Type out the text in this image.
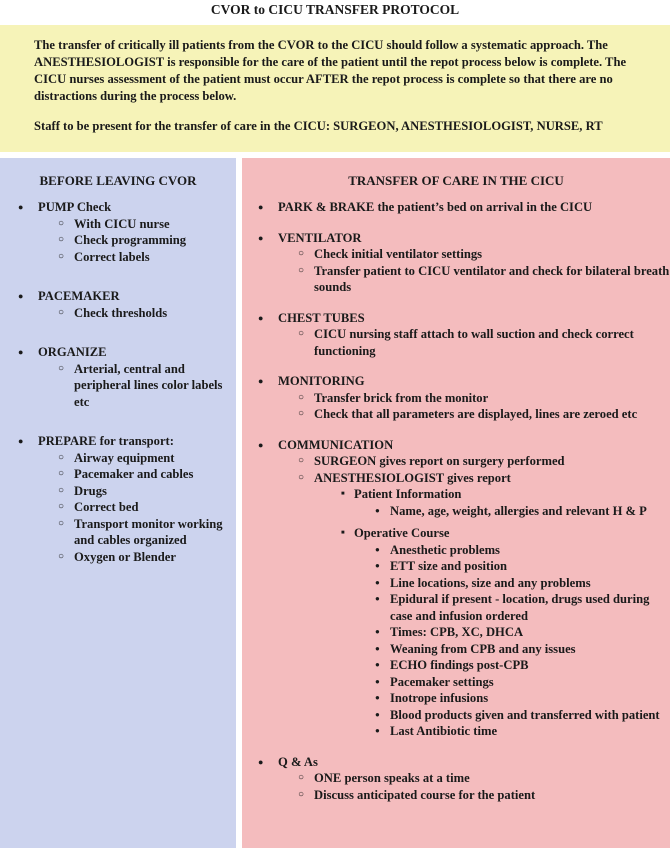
CVOR to CICU TRANSFER PROTOCOL

The transfer of critically ill patients from the CVOR to the CICU should follow a systematic approach. The ANESTHESIOLOGIST is responsible for the care of the patient until the repot process below is complete. The CICU nurses assessment of the patient must occur AFTER the repot process is complete so that there are no distractions during the process below.

Staff to be present for the transfer of care in the CICU: SURGEON, ANESTHESIOLOGIST, NURSE, RT

BEFORE LEAVING CVOR
● PUMP Check
○ With CICU nurse
○ Check programming
○ Correct labels
● PACEMAKER
○ Check thresholds
● ORGANIZE
○ Arterial, central and peripheral lines color labels etc
● PREPARE for transport:
○ Airway equipment
○ Pacemaker and cables
○ Drugs
○ Correct bed
○ Transport monitor working and cables organized
○ Oxygen or Blender
TRANSFER OF CARE IN THE CICU
● PARK & BRAKE the patient’s bed on arrival in the CICU
● VENTILATOR
○ Check initial ventilator settings
○ Transfer patient to CICU ventilator and check for bilateral breath sounds
● CHEST TUBES
○ CICU nursing staff attach to wall suction and check correct functioning
● MONITORING
○ Transfer brick from the monitor
○ Check that all parameters are displayed, lines are zeroed etc
● COMMUNICATION
○ SURGEON gives report on surgery performed
○ ANESTHESIOLOGIST gives report
■ Patient Information
● Name, age, weight, allergies and relevant H & P
■ Operative Course
● Anesthetic problems
● ETT size and position
● Line locations, size and any problems
● Epidural if present - location, drugs used during case and infusion ordered
● Times: CPB, XC, DHCA
● Weaning from CPB and any issues
● ECHO findings post-CPB
● Pacemaker settings
● Inotrope infusions
● Blood products given and transferred with patient
● Last Antibiotic time
● Q & As
○ ONE person speaks at a time
○ Discuss anticipated course for the patient
